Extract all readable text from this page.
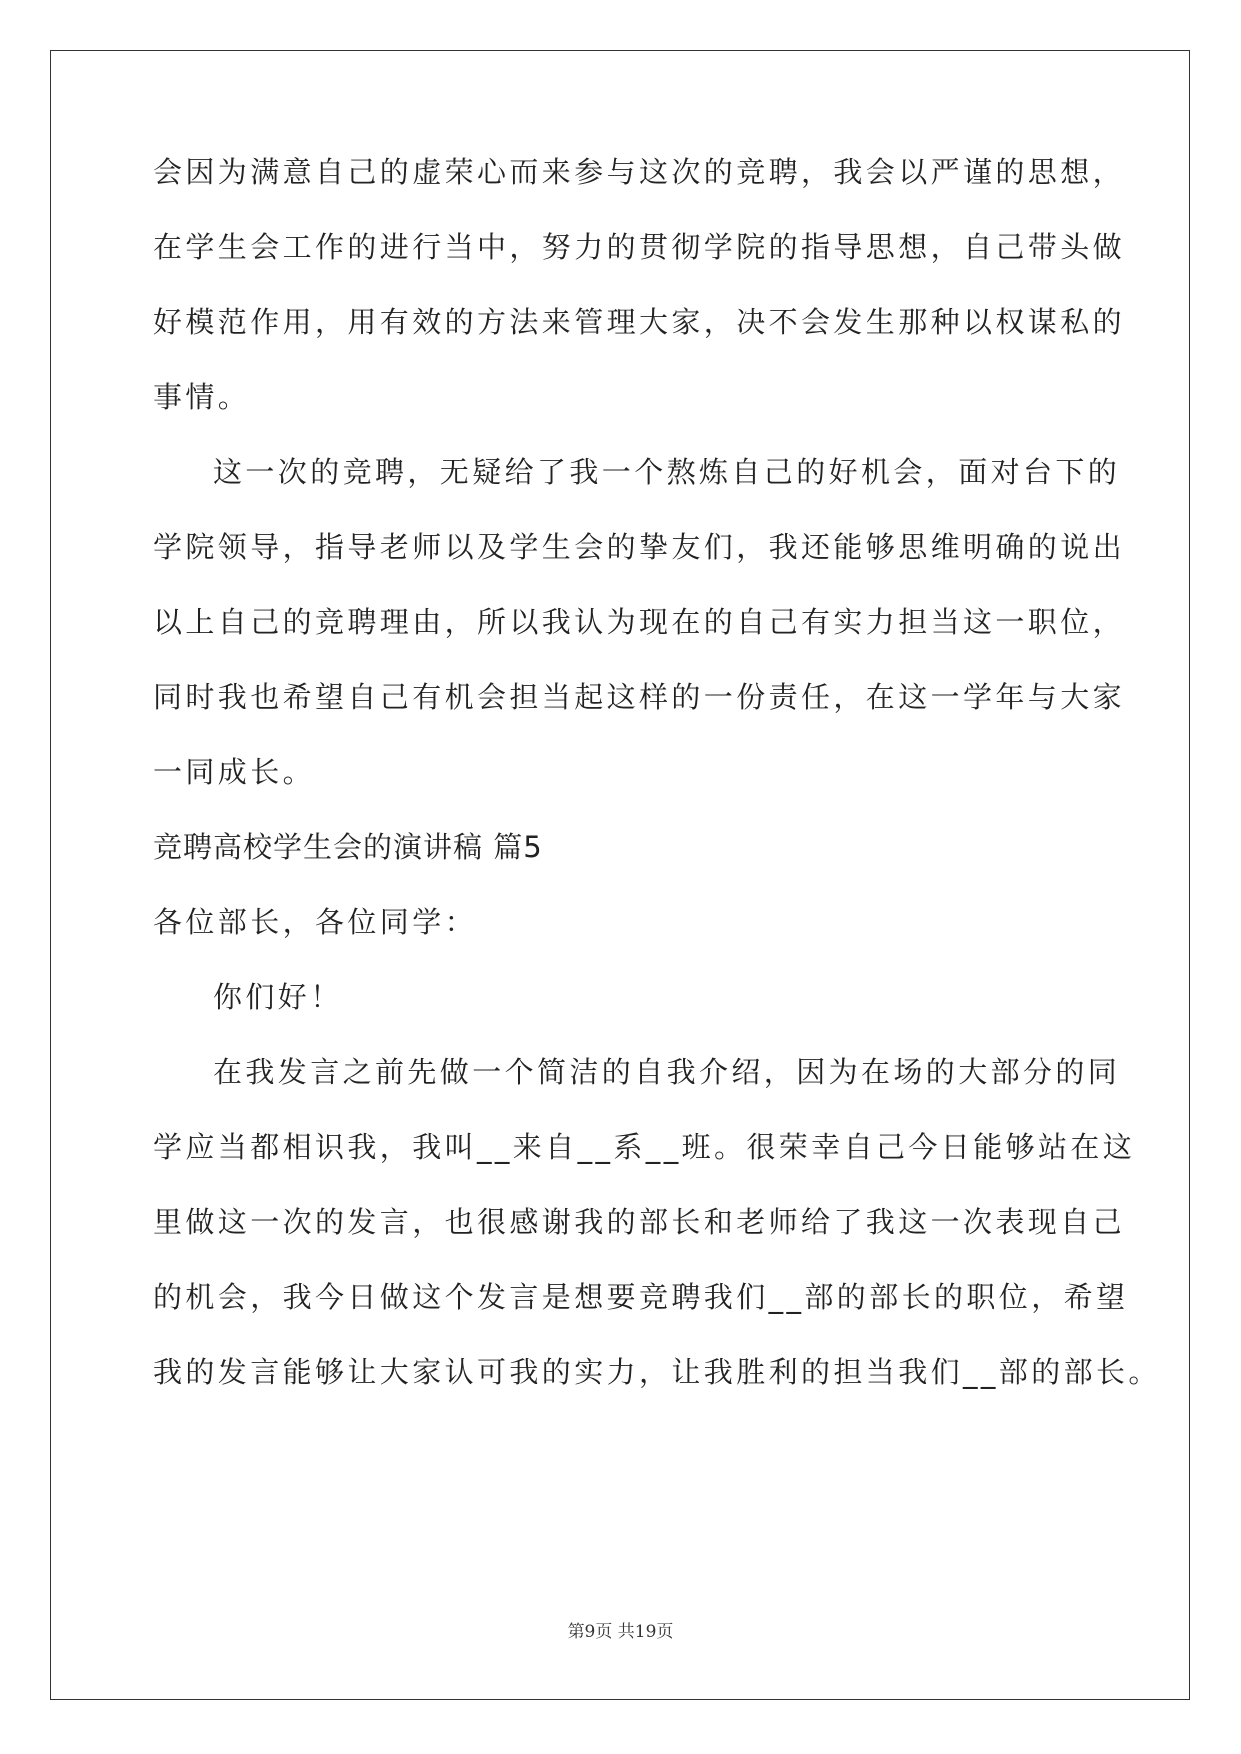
会因为满意自己的虚荣心而来参与这次的竞聘，我会以严谨的思想，
在学生会工作的进行当中，努力的贯彻学院的指导思想，自己带头做
好模范作用，用有效的方法来管理大家，决不会发生那种以权谋私的
事情。
这一次的竞聘，无疑给了我一个熬炼自己的好机会，面对台下的
学院领导，指导老师以及学生会的挚友们，我还能够思维明确的说出
以上自己的竞聘理由，所以我认为现在的自己有实力担当这一职位，
同时我也希望自己有机会担当起这样的一份责任，在这一学年与大家
一同成长。
竞聘高校学生会的演讲稿 篇5
各位部长，各位同学：
你们好！
在我发言之前先做一个简洁的自我介绍，因为在场的大部分的同
学应当都相识我，我叫__来自__系__班。很荣幸自己今日能够站在这
里做这一次的发言，也很感谢我的部长和老师给了我这一次表现自己
的机会，我今日做这个发言是想要竞聘我们__部的部长的职位，希望
我的发言能够让大家认可我的实力，让我胜利的担当我们__部的部长。
第9页 共19页
